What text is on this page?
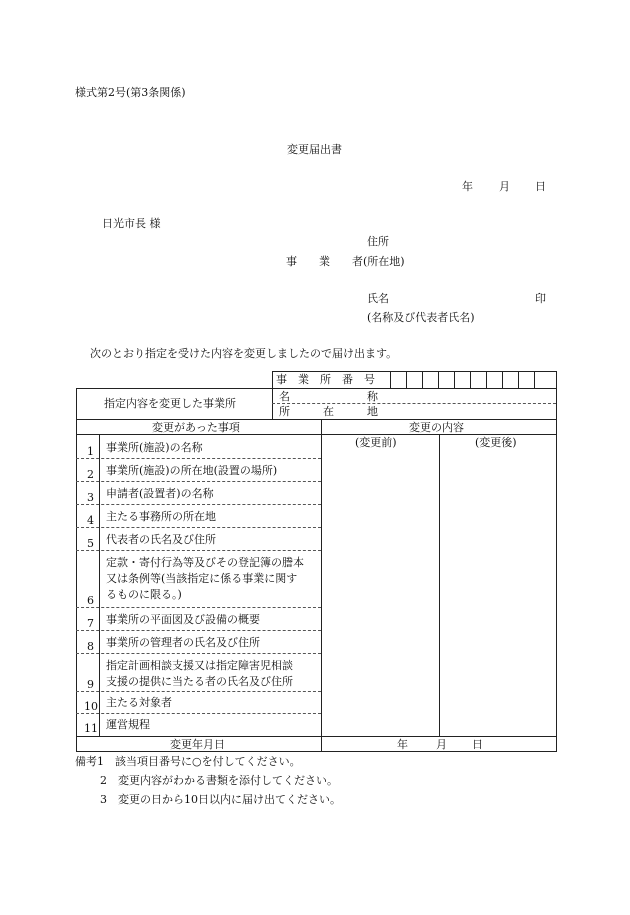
様式第2号(第3条関係)
変更届出書
年 月 日
日光市長 様
住所
事　　業　　者(所在地)
氏名	印
(名称及び代表者氏名)
次のとおり指定を受けた内容を変更しましたので届け出ます。
事　業　所　番　号
指定内容を変更した事業所
名　　　　　　　称
所　　　在　　　地
変更があった事項	変更の内容
(変更前)	(変更後)
1 事業所(施設)の名称
2 事業所(施設)の所在地(設置の場所)
3 申請者(設置者)の名称
4 主たる事務所の所在地
5 代表者の氏名及び住所
6
定款・寄付行為等及びその登記簿の謄本
又は条例等(当該指定に係る事業に関す
るものに限る。)
7 事業所の平面図及び設備の概要
8 事業所の管理者の氏名及び住所
9
指定計画相談支援又は指定障害児相談
支援の提供に当たる者の氏名及び住所
10 主たる対象者
11 運営規程
変更年月日	年	月 日
備考1　該当項目番号に○を付してください。
2　変更内容がわかる書類を添付してください。
3　変更の日から10日以内に届け出てください。
